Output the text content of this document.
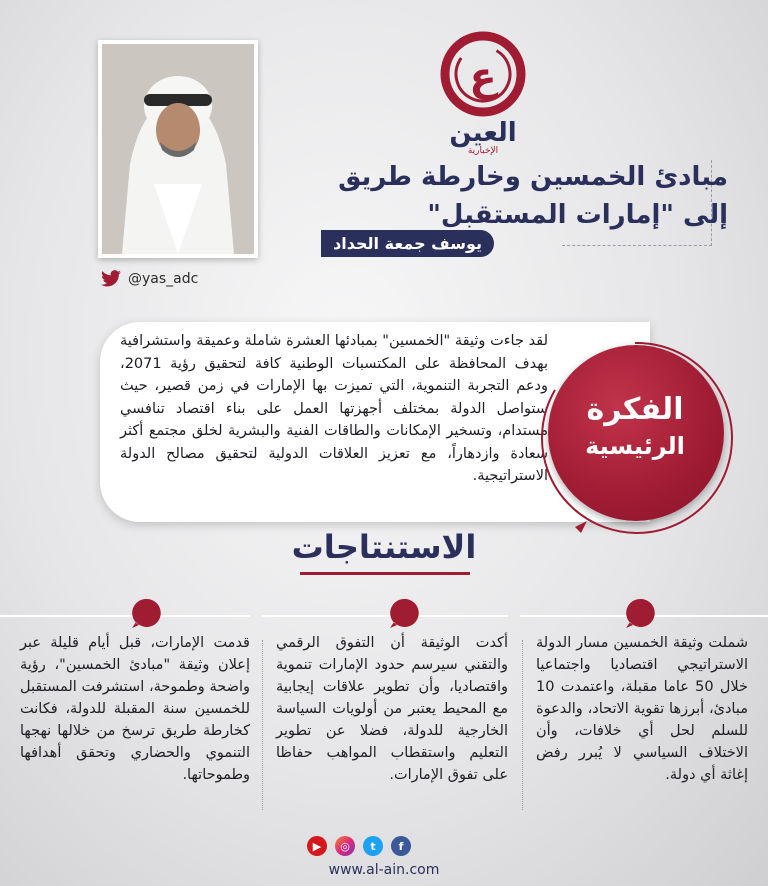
@yas_adc
ع
العين
الإخبارية

مبادئ الخمسين وخارطة طريق

إلى "إمارات المستقبل"

يوسف جمعة الحداد

لقد جاءت وثيقة "الخمسين" بمبادئها العشرة شاملة وعميقة واستشرافية بهدف المحافظة على المكتسبات الوطنية كافة لتحقيق رؤية 2071، ودعم التجربة التنموية، التي تميزت بها الإمارات في زمن قصير، حيث ستواصل الدولة بمختلف أجهزتها العمل على بناء اقتصاد تنافسي مستدام، وتسخير الإمكانات والطاقات الفنية والبشرية لخلق مجتمع أكثر سعادة وازدهاراً، مع تعزيز العلاقات الدولية لتحقيق مصالح الدولة الاستراتيجية.

الفكرة
الرئيسية
الاستنتاجات

شملت وثيقة الخمسين مسار الدولة الاستراتيجي اقتصاديا واجتماعيا خلال 50 عاما مقبلة، واعتمدت 10 مبادئ، أبرزها تقوية الاتحاد، والدعوة للسلم لحل أي خلافات، وأن الاختلاف السياسي لا يُبرر رفض إغاثة أي دولة.

أكدت الوثيقة أن التفوق الرقمي والتقني سيرسم حدود الإمارات تنموية واقتصاديا، وأن تطوير علاقات إيجابية مع المحيط يعتبر من أولويات السياسة الخارجية للدولة، فضلا عن تطوير التعليم واستقطاب المواهب حفاظا على تفوق الإمارات.

قدمت الإمارات، قبل أيام قليلة عبر إعلان وثيقة "مبادئ الخمسين"، رؤية واضحة وطموحة، استشرفت المستقبل للخمسين سنة المقبلة للدولة، فكانت كخارطة طريق ترسخ من خلالها نهجها التنموي والحضاري وتحقق أهدافها وطموحاتها.

▶	◎	t	f
www.al-ain.com
